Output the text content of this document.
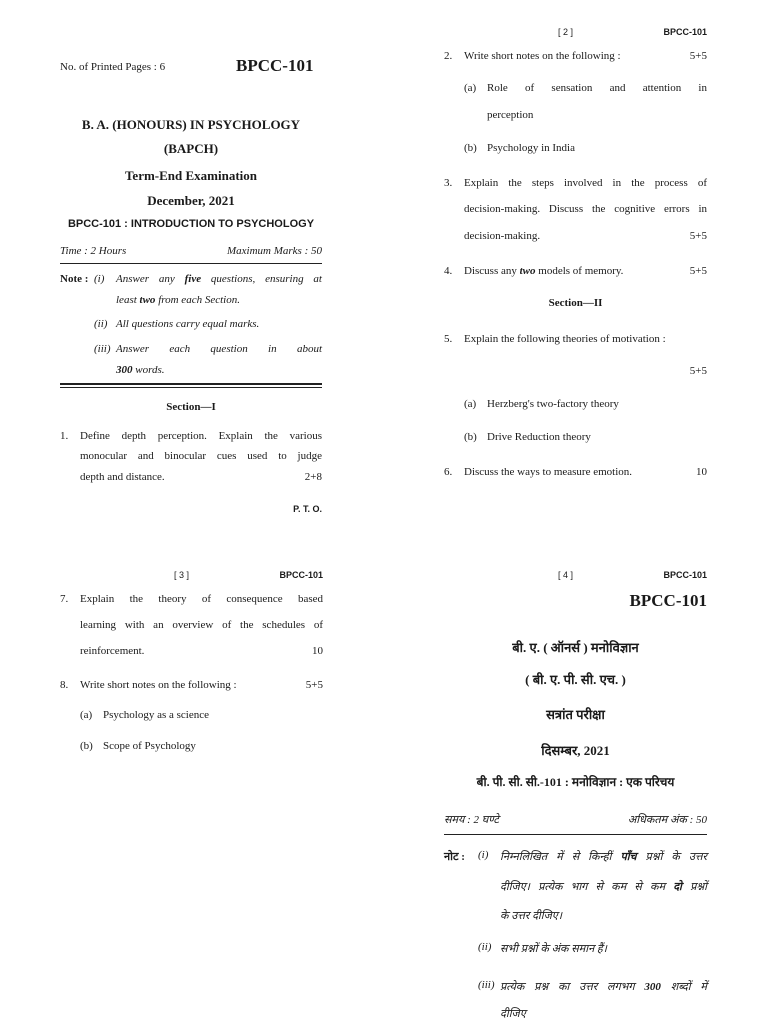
No. of Printed Pages : 6	BPCC-101
B. A. (HONOURS) IN PSYCHOLOGY
(BAPCH)
Term-End Examination
December, 2021
BPCC-101 : INTRODUCTION TO PSYCHOLOGY
Time : 2 Hours	Maximum Marks : 50
Note : (i) Answer any five questions, ensuring at
least two from each Section.
(ii) All questions carry equal marks.
(iii) Answer each question in about
300 words.
Section—I
1. Define depth perception. Explain the various
monocular and binocular cues used to judge
depth and distance.	2+8
P. T. O.
[ 2 ]	BPCC-101
2. Write short notes on the following :	5+5
(a) Role of sensation and attention in
perception
(b) Psychology in India
3. Explain the steps involved in the process of
decision-making. Discuss the cognitive errors in
decision-making.	5+5
4. Discuss any two models of memory.	5+5
Section—II
5. Explain the following theories of motivation :
5+5
(a) Herzberg's two-factory theory
(b) Drive Reduction theory
6. Discuss the ways to measure emotion.	10
[ 3 ]	BPCC-101
7. Explain the theory of consequence based
learning with an overview of the schedules of
reinforcement.	10
8. Write short notes on the following :	5+5
(a) Psychology as a science
(b) Scope of Psychology
[ 4 ]	BPCC-101
BPCC-101
बी. ए. ( ऑनर्स ) मनोविज्ञान
( बी. ए. पी. सी. एच. )
सत्रांत परीक्षा
दिसम्बर, 2021
बी. पी. सी. सी.-101 : मनोविज्ञान : एक परिचय
समय : 2 घण्टे	अधिकतम अंक : 50
नोट : (i) निम्नलिखित में से किन्हीं पाँच प्रश्नों के उत्तर
दीजिए। प्रत्येक भाग से कम से कम दो प्रश्नों
के उत्तर दीजिए।
(ii) सभी प्रश्नों के अंक समान हैं।
(iii) प्रत्येक प्रश्न का उत्तर लगभग 300 शब्दों में
दीजिए
